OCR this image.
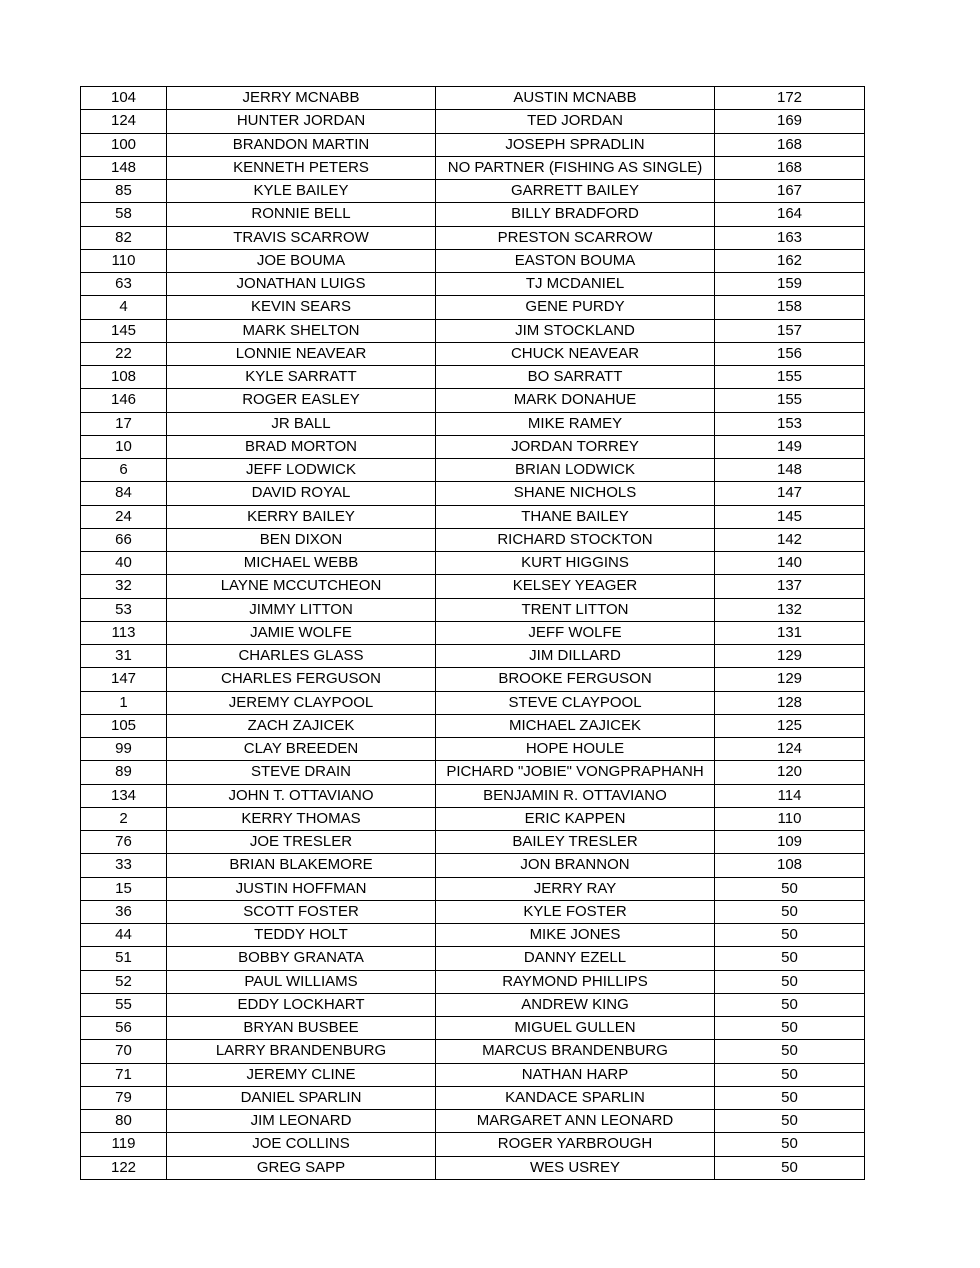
104	JERRY MCNABB	AUSTIN MCNABB	172
124	HUNTER JORDAN	TED JORDAN	169
100	BRANDON MARTIN	JOSEPH SPRADLIN	168
148	KENNETH PETERS	NO PARTNER (FISHING AS SINGLE)	168
85	KYLE BAILEY	GARRETT BAILEY	167
58	RONNIE BELL	BILLY BRADFORD	164
82	TRAVIS SCARROW	PRESTON SCARROW	163
110	JOE BOUMA	EASTON BOUMA	162
63	JONATHAN LUIGS	TJ MCDANIEL	159
4	KEVIN SEARS	GENE PURDY	158
145	MARK SHELTON	JIM STOCKLAND	157
22	LONNIE NEAVEAR	CHUCK NEAVEAR	156
108	KYLE SARRATT	BO SARRATT	155
146	ROGER EASLEY	MARK DONAHUE	155
17	JR BALL	MIKE RAMEY	153
10	BRAD MORTON	JORDAN TORREY	149
6	JEFF LODWICK	BRIAN LODWICK	148
84	DAVID ROYAL	SHANE NICHOLS	147
24	KERRY BAILEY	THANE BAILEY	145
66	BEN DIXON	RICHARD STOCKTON	142
40	MICHAEL WEBB	KURT HIGGINS	140
32	LAYNE MCCUTCHEON	KELSEY YEAGER	137
53	JIMMY LITTON	TRENT LITTON	132
113	JAMIE WOLFE	JEFF WOLFE	131
31	CHARLES GLASS	JIM DILLARD	129
147	CHARLES FERGUSON	BROOKE FERGUSON	129
1	JEREMY CLAYPOOL	STEVE CLAYPOOL	128
105	ZACH ZAJICEK	MICHAEL ZAJICEK	125
99	CLAY BREEDEN	HOPE HOULE	124
89	STEVE DRAIN	PICHARD "JOBIE" VONGPRAPHANH	120
134	JOHN T. OTTAVIANO	BENJAMIN R. OTTAVIANO	114
2	KERRY THOMAS	ERIC KAPPEN	110
76	JOE TRESLER	BAILEY TRESLER	109
33	BRIAN BLAKEMORE	JON BRANNON	108
15	JUSTIN HOFFMAN	JERRY RAY	50
36	SCOTT FOSTER	KYLE FOSTER	50
44	TEDDY HOLT	MIKE JONES	50
51	BOBBY GRANATA	DANNY EZELL	50
52	PAUL WILLIAMS	RAYMOND PHILLIPS	50
55	EDDY LOCKHART	ANDREW KING	50
56	BRYAN BUSBEE	MIGUEL GULLEN	50
70	LARRY BRANDENBURG	MARCUS BRANDENBURG	50
71	JEREMY CLINE	NATHAN HARP	50
79	DANIEL SPARLIN	KANDACE SPARLIN	50
80	JIM LEONARD	MARGARET ANN LEONARD	50
119	JOE COLLINS	ROGER YARBROUGH	50
122	GREG SAPP	WES USREY	50
